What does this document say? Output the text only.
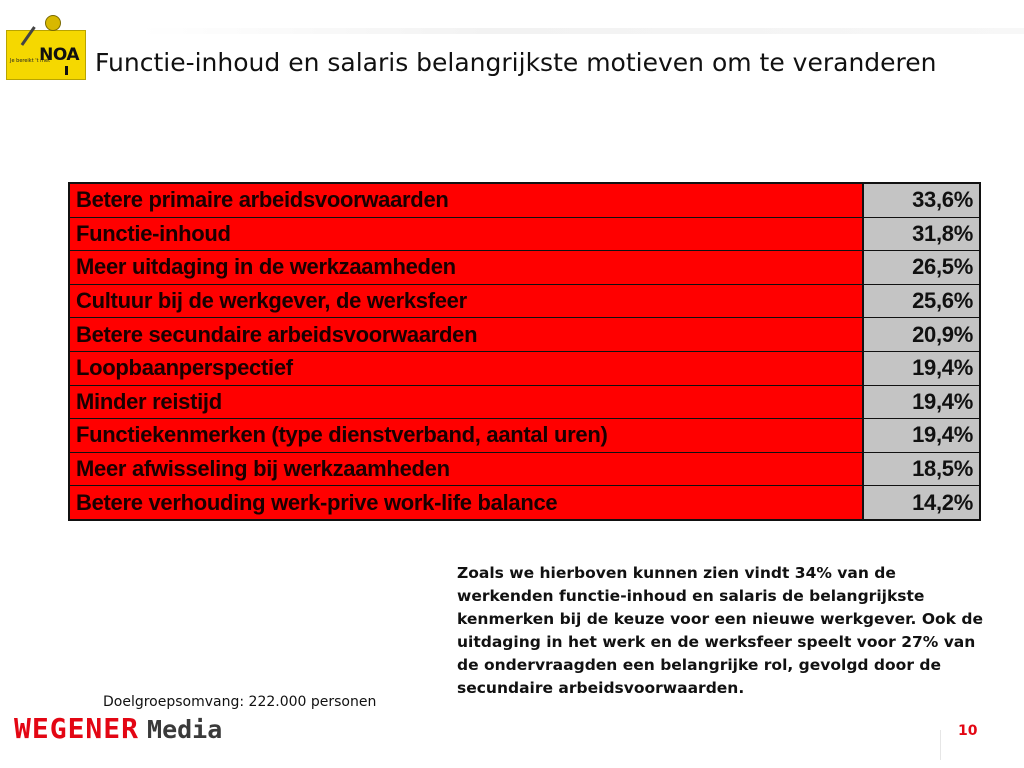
Je bereikt 't met
NOA Functie-inhoud en salaris belangrijkste motieven om te veranderen
Betere primaire arbeidsvoorwaarden	33,6%
Functie-inhoud	31,8%
Meer uitdaging in de werkzaamheden	26,5%
Cultuur bij de werkgever, de werksfeer	25,6%
Betere secundaire arbeidsvoorwaarden	20,9%
Loopbaanperspectief	19,4%
Minder reistijd	19,4%
Functiekenmerken (type dienstverband, aantal uren)	19,4%
Meer afwisseling bij werkzaamheden	18,5%
Betere verhouding werk-prive work-life balance	14,2%

Zoals we hierboven kunnen zien vindt 34% van de werkenden functie-inhoud en salaris de belangrijkste kenmerken bij de keuze voor een nieuwe werkgever. Ook de uitdaging in het werk en de werksfeer speelt voor 27% van de ondervraagden een belangrijke rol, gevolgd door de secundaire arbeidsvoorwaarden.

Doelgroepsomvang: 222.000 personen

WEGENER Media	10
